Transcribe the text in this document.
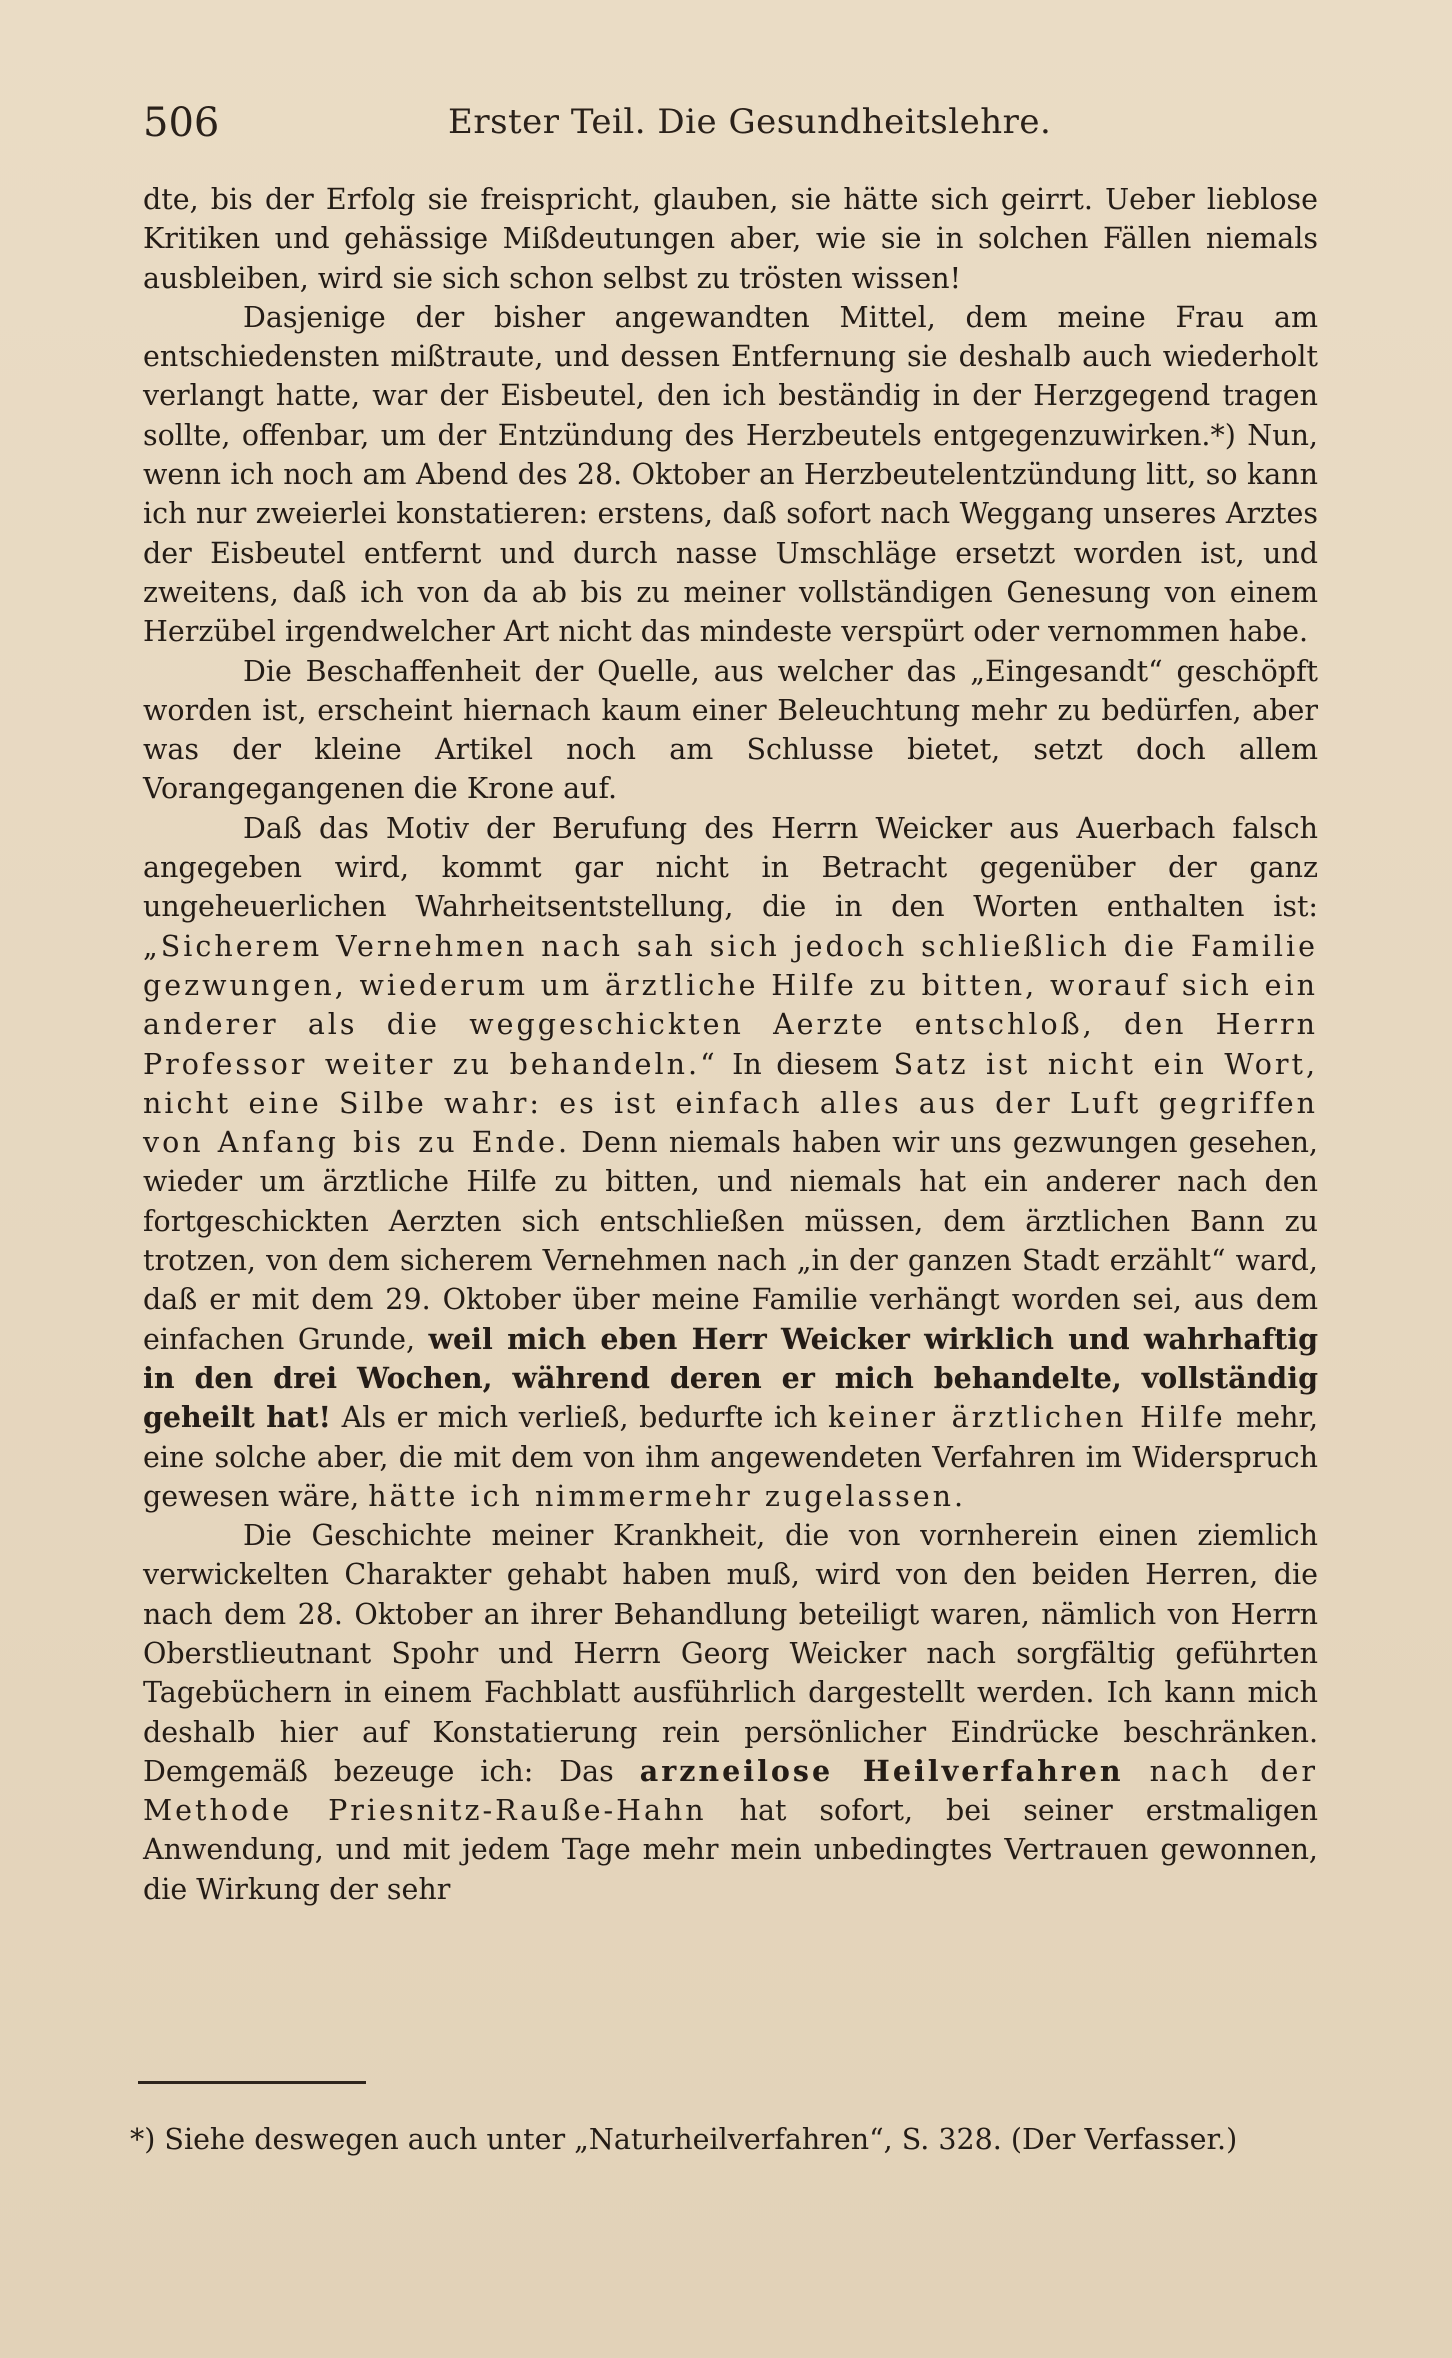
506	Erster Teil. Die Gesundheitslehre.

dte, bis der Erfolg sie freispricht, glauben, sie hätte sich geirrt. Ueber lieblose Kritiken und gehässige Mißdeutungen aber, wie sie in solchen Fällen niemals ausbleiben, wird sie sich schon selbst zu trösten wissen!

Dasjenige der bisher angewandten Mittel, dem meine Frau am entschiedensten mißtraute, und dessen Entfernung sie deshalb auch wiederholt verlangt hatte, war der Eisbeutel, den ich beständig in der Herzgegend tragen sollte, offenbar, um der Entzündung des Herzbeutels entgegenzuwirken.*) Nun, wenn ich noch am Abend des 28. Oktober an Herzbeutelentzündung litt, so kann ich nur zweierlei konstatieren: erstens, daß sofort nach Weggang unseres Arztes der Eisbeutel entfernt und durch nasse Umschläge ersetzt worden ist, und zweitens, daß ich von da ab bis zu meiner vollständigen Genesung von einem Herzübel irgendwelcher Art nicht das mindeste verspürt oder vernommen habe.

Die Beschaffenheit der Quelle, aus welcher das „Eingesandt“ geschöpft worden ist, erscheint hiernach kaum einer Beleuchtung mehr zu bedürfen, aber was der kleine Artikel noch am Schlusse bietet, setzt doch allem Vorangegangenen die Krone auf.

Daß das Motiv der Berufung des Herrn Weicker aus Auerbach falsch angegeben wird, kommt gar nicht in Betracht gegenüber der ganz ungeheuerlichen Wahrheitsentstellung, die in den Worten enthalten ist: „Sicherem Vernehmen nach sah sich jedoch schließlich die Familie gezwungen, wiederum um ärztliche Hilfe zu bitten, worauf sich ein anderer als die weggeschickten Aerzte entschloß, den Herrn Professor weiter zu behandeln.“ In diesem Satz ist nicht ein Wort, nicht eine Silbe wahr: es ist einfach alles aus der Luft gegriffen von Anfang bis zu Ende. Denn niemals haben wir uns gezwungen gesehen, wieder um ärztliche Hilfe zu bitten, und niemals hat ein anderer nach den fortgeschickten Aerzten sich entschließen müssen, dem ärztlichen Bann zu trotzen, von dem sicherem Vernehmen nach „in der ganzen Stadt erzählt“ ward, daß er mit dem 29. Oktober über meine Familie verhängt worden sei, aus dem einfachen Grunde, weil mich eben Herr Weicker wirklich und wahrhaftig in den drei Wochen, während deren er mich behandelte, vollständig geheilt hat! Als er mich verließ, bedurfte ich keiner ärztlichen Hilfe mehr, eine solche aber, die mit dem von ihm angewendeten Verfahren im Widerspruch gewesen wäre, hätte ich nimmermehr zugelassen.

Die Geschichte meiner Krankheit, die von vornherein einen ziemlich verwickelten Charakter gehabt haben muß, wird von den beiden Herren, die nach dem 28. Oktober an ihrer Behandlung beteiligt waren, nämlich von Herrn Oberstlieutnant Spohr und Herrn Georg Weicker nach sorgfältig geführten Tagebüchern in einem Fachblatt ausführlich dargestellt werden. Ich kann mich deshalb hier auf Konstatierung rein persönlicher Eindrücke beschränken. Demgemäß bezeuge ich: Das arzneilose Heilverfahren nach der Methode Priesnitz-Rauße-Hahn hat sofort, bei seiner erstmaligen Anwendung, und mit jedem Tage mehr mein unbedingtes Vertrauen gewonnen, die Wirkung der sehr

*) Siehe deswegen auch unter „Naturheilverfahren“, S. 328. (Der Verfasser.)
